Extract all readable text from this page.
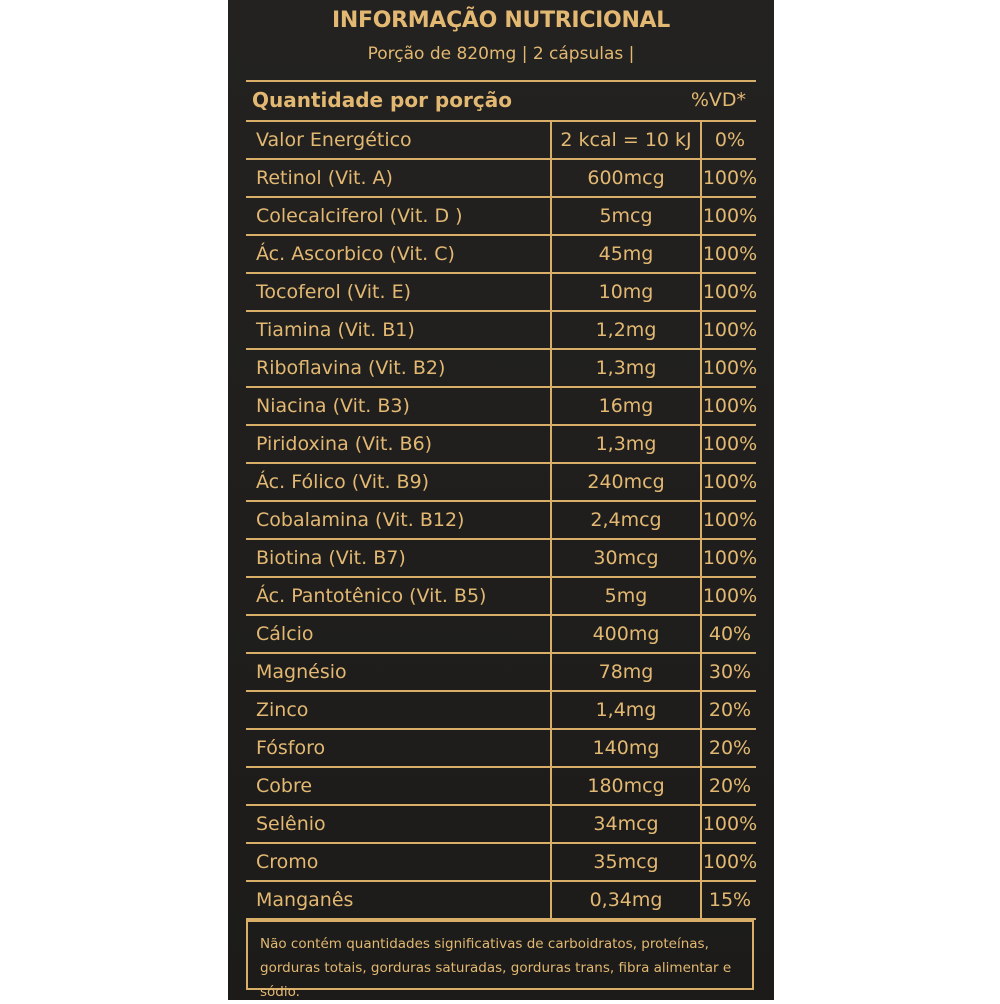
INFORMAÇÃO NUTRICIONAL
Porção de 820mg | 2 cápsulas |
Quantidade por porção	%VD*
Valor Energético	2 kcal = 10 kJ	0%
Retinol (Vit. A)	600mcg	100%
Colecalciferol (Vit. D )	5mcg	100%
Ác. Ascorbico (Vit. C)	45mg	100%
Tocoferol (Vit. E)	10mg	100%
Tiamina (Vit. B1)	1,2mg	100%
Riboflavina (Vit. B2)	1,3mg	100%
Niacina (Vit. B3)	16mg	100%
Piridoxina (Vit. B6)	1,3mg	100%
Ác. Fólico (Vit. B9)	240mcg	100%
Cobalamina (Vit. B12)	2,4mcg	100%
Biotina (Vit. B7)	30mcg	100%
Ác. Pantotênico (Vit. B5)	5mg	100%
Cálcio	400mg	40%
Magnésio	78mg	30%
Zinco	1,4mg	20%
Fósforo	140mg	20%
Cobre	180mcg	20%
Selênio	34mcg	100%
Cromo	35mcg	100%
Manganês	0,34mg	15%
Não contém quantidades significativas de carboidratos, proteínas, gorduras totais, gorduras saturadas, gorduras trans, fibra alimentar e sódio.
